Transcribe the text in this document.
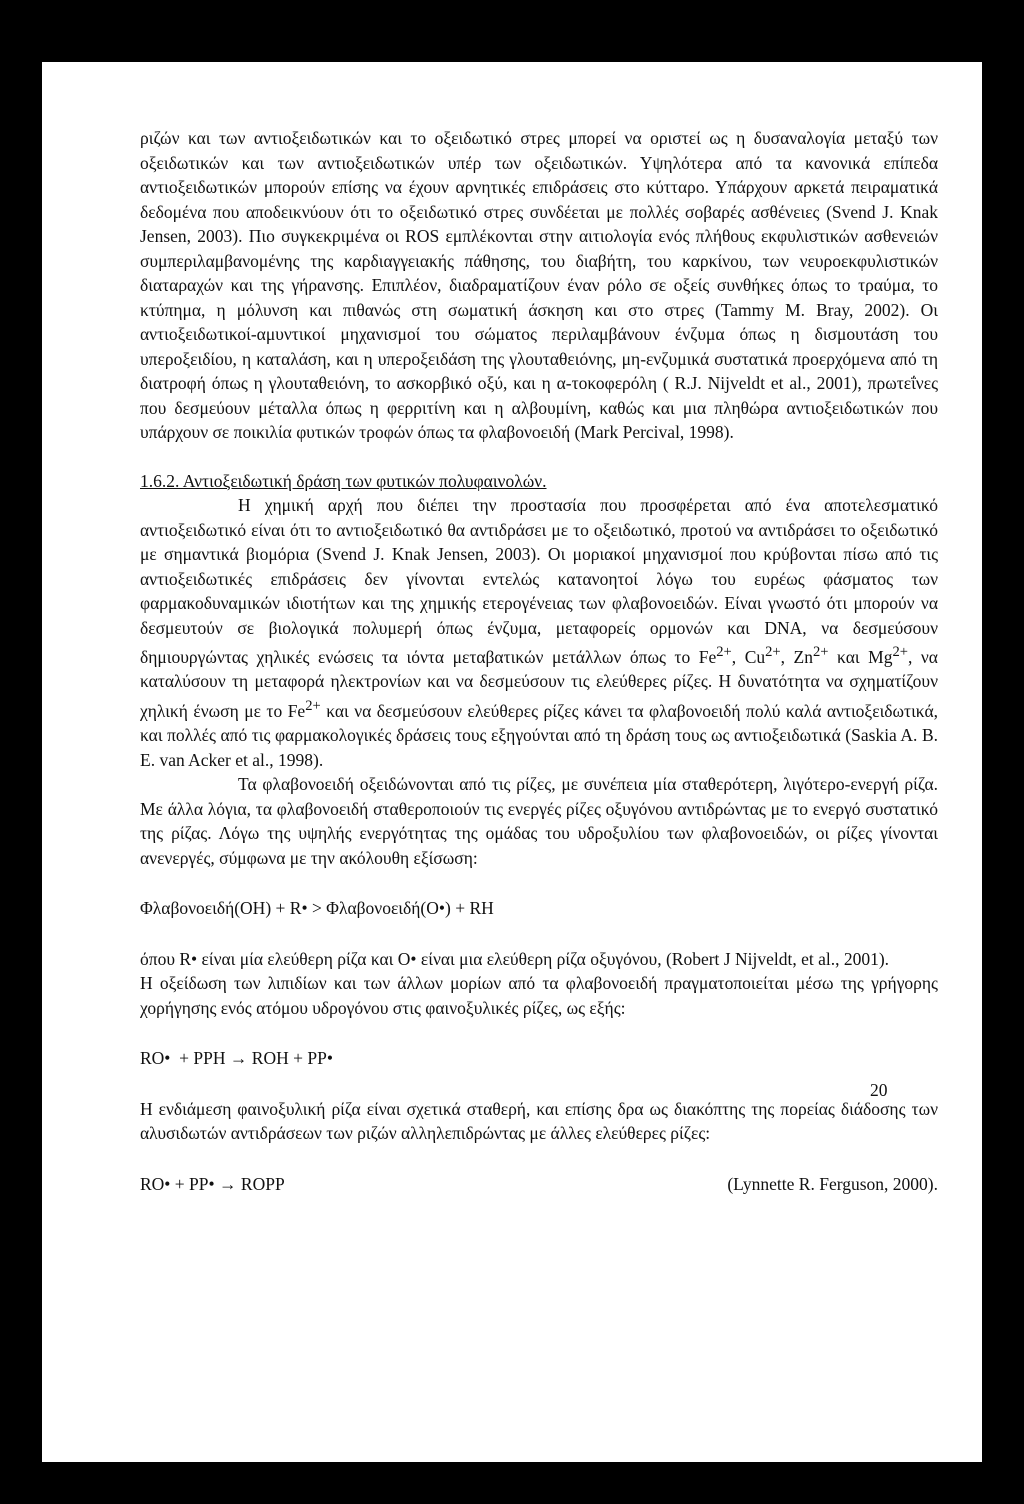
ριζών και των αντιοξειδωτικών και το οξειδωτικό στρες μπορεί να οριστεί ως η δυσαναλογία μεταξύ των οξειδωτικών και των αντιοξειδωτικών υπέρ των οξειδωτικών. Υψηλότερα από τα κανονικά επίπεδα αντιοξειδωτικών μπορούν επίσης να έχουν αρνητικές επιδράσεις στο κύτταρο. Υπάρχουν αρκετά πειραματικά δεδομένα που αποδεικνύουν ότι το οξειδωτικό στρες συνδέεται με πολλές σοβαρές ασθένειες (Svend J. Knak Jensen, 2003). Πιο συγκεκριμένα οι ROS εμπλέκονται στην αιτιολογία ενός πλήθους εκφυλιστικών ασθενειών συμπεριλαμβανομένης της καρδιαγγειακής πάθησης, του διαβήτη, του καρκίνου, των νευροεκφυλιστικών διαταραχών και της γήρανσης. Επιπλέον, διαδραματίζουν έναν ρόλο σε οξείς συνθήκες όπως το τραύμα, το κτύπημα, η μόλυνση και πιθανώς στη σωματική άσκηση και στο στρες (Tammy M. Bray, 2002). Οι αντιοξειδωτικοί-αμυντικοί μηχανισμοί του σώματος περιλαμβάνουν ένζυμα όπως η δισμουτάση του υπεροξειδίου, η καταλάση, και η υπεροξειδάση της γλουταθειόνης, μη-ενζυμικά συστατικά προερχόμενα από τη διατροφή όπως η γλουταθειόνη, το ασκορβικό οξύ, και η α-τοκοφερόλη ( R.J. Nijveldt et al., 2001), πρωτεΐνες που δεσμεύουν μέταλλα όπως η φερριτίνη και η αλβουμίνη, καθώς και μια πληθώρα αντιοξειδωτικών που υπάρχουν σε ποικιλία φυτικών τροφών όπως τα φλαβονοειδή (Mark Percival, 1998).

1.6.2. Αντιοξειδωτική δράση των φυτικών πολυφαινολών.

Η χημική αρχή που διέπει την προστασία που προσφέρεται από ένα αποτελεσματικό αντιοξειδωτικό είναι ότι το αντιοξειδωτικό θα αντιδράσει με το οξειδωτικό, προτού να αντιδράσει το οξειδωτικό με σημαντικά βιομόρια (Svend J. Knak Jensen, 2003). Οι μοριακοί μηχανισμοί που κρύβονται πίσω από τις αντιοξειδωτικές επιδράσεις δεν γίνονται εντελώς κατανοητοί λόγω του ευρέως φάσματος των φαρμακοδυναμικών ιδιοτήτων και της χημικής ετερογένειας των φλαβονοειδών. Είναι γνωστό ότι μπορούν να δεσμευτούν σε βιολογικά πολυμερή όπως ένζυμα, μεταφορείς ορμονών και DNA, να δεσμεύσουν δημιουργώντας χηλικές ενώσεις τα ιόντα μεταβατικών μετάλλων όπως το $Fe^{2+}$, $Cu^{2+}$, $Zn^{2+}$ και $Mg^{2+}$, να καταλύσουν τη μεταφορά ηλεκτρονίων και να δεσμεύσουν τις ελεύθερες ρίζες. Η δυνατότητα να σχηματίζουν χηλική ένωση με το $Fe^{2+}$ και να δεσμεύσουν ελεύθερες ρίζες κάνει τα φλαβονοειδή πολύ καλά αντιοξειδωτικά, και πολλές από τις φαρμακολογικές δράσεις τους εξηγούνται από τη δράση τους ως αντιοξειδωτικά (Saskia A. B. E. van Acker et al., 1998).

Τα φλαβονοειδή οξειδώνονται από τις ρίζες, με συνέπεια μία σταθερότερη, λιγότερο-ενεργή ρίζα. Με άλλα λόγια, τα φλαβονοειδή σταθεροποιούν τις ενεργές ρίζες οξυγόνου αντιδρώντας με το ενεργό συστατικό της ρίζας. Λόγω της υψηλής ενεργότητας της ομάδας του υδροξυλίου των φλαβονοειδών, οι ρίζες γίνονται ανενεργές, σύμφωνα με την ακόλουθη εξίσωση:

Φλαβονοειδή(OH) + R• > Φλαβονοειδή(O•) + RH

όπου R• είναι μία ελεύθερη ρίζα και O• είναι μια ελεύθερη ρίζα οξυγόνου, (Robert J Nijveldt, et al., 2001).

Η οξείδωση των λιπιδίων και των άλλων μορίων από τα φλαβονοειδή πραγματοποιείται μέσω της γρήγορης χορήγησης ενός ατόμου υδρογόνου στις φαινοξυλικές ρίζες, ως εξής:

RO•  + PPH → ROH + PP•

Η ενδιάμεση φαινοξυλική ρίζα είναι σχετικά σταθερή, και επίσης δρα ως διακόπτης της πορείας διάδοσης των αλυσιδωτών αντιδράσεων των ριζών αλληλεπιδρώντας με άλλες ελεύθερες ρίζες:

RO• + PP• → ROPP	(Lynnette R. Ferguson, 2000).
20
